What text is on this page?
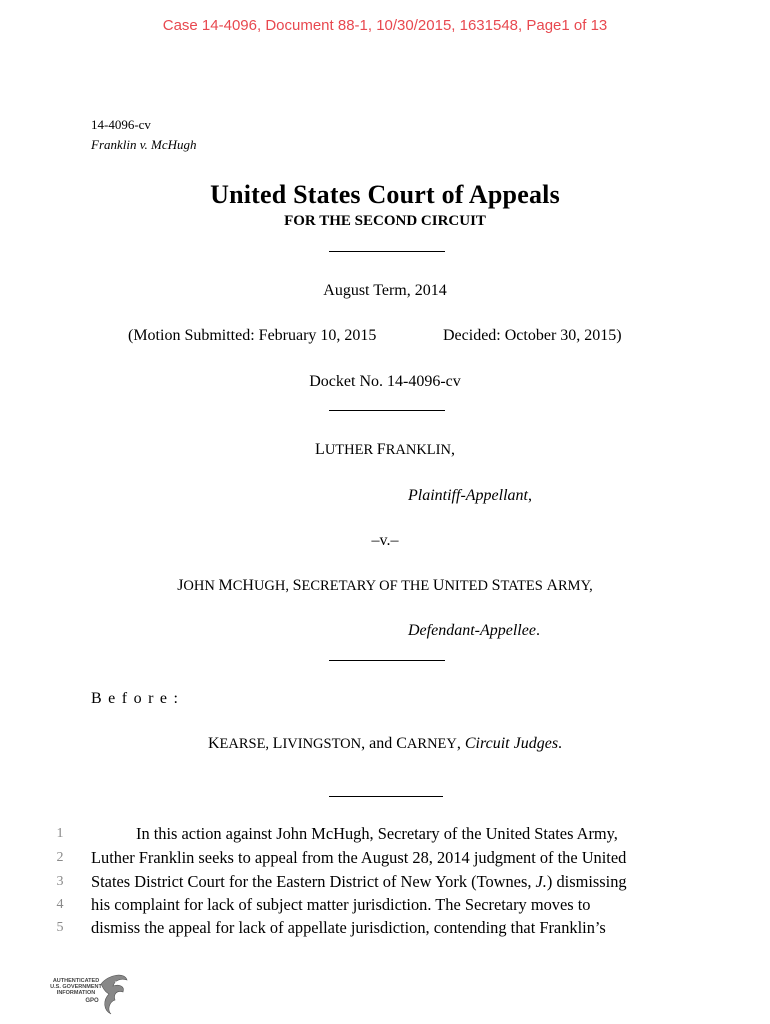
Case 14-4096, Document 88-1, 10/30/2015, 1631548, Page1 of 13
14-4096-cv
Franklin v. McHugh
United States Court of Appeals
FOR THE SECOND CIRCUIT
August Term, 2014
(Motion Submitted: February 10, 2015	Decided: October 30, 2015)
Docket No. 14-4096-cv
LUTHER FRANKLIN,
Plaintiff-Appellant,
–v.–
JOHN MCHUGH, SECRETARY OF THE UNITED STATES ARMY,
Defendant-Appellee.
Before:
KEARSE, LIVINGSTON, and CARNEY, Circuit Judges.
1	In this action against John McHugh, Secretary of the United States Army,
2 Luther Franklin seeks to appeal from the August 28, 2014 judgment of the United
3 States District Court for the Eastern District of New York (Townes, J.) dismissing
4 his complaint for lack of subject matter jurisdiction. The Secretary moves to
5 dismiss the appeal for lack of appellate jurisdiction, contending that Franklin’s
AUTHENTICATED
U.S. GOVERNMENT
INFORMATION
GPO
